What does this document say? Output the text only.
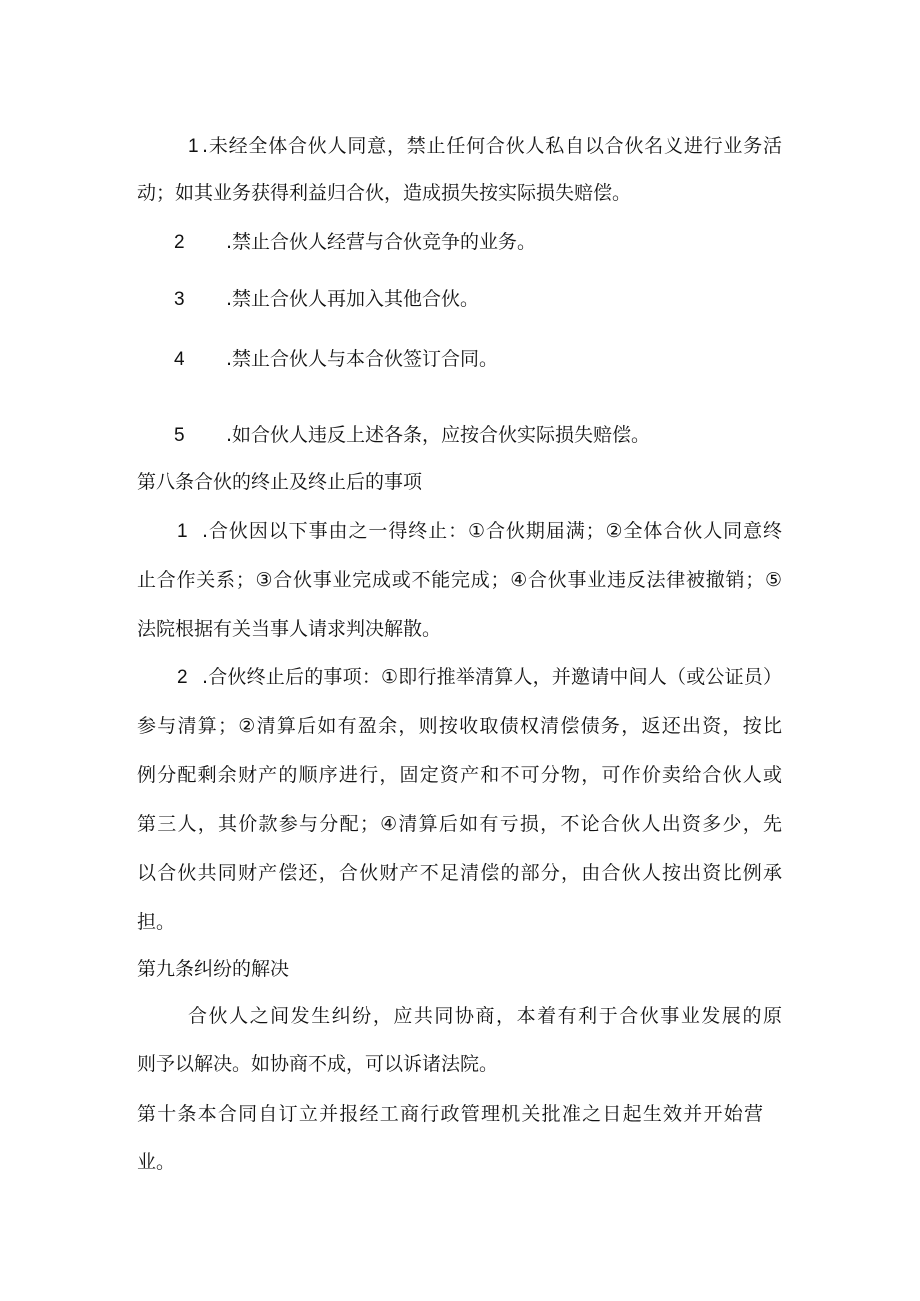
1 .未经全体合伙人同意，禁止任何合伙人私自以合伙名义进行业务活
动；如其业务获得利益归合伙，造成损失按实际损失赔偿。
2 .禁止合伙人经营与合伙竞争的业务。
3 .禁止合伙人再加入其他合伙。
4 .禁止合伙人与本合伙签订合同。
5 .如合伙人违反上述各条，应按合伙实际损失赔偿。
第八条合伙的终止及终止后的事项
1 .合伙因以下事由之一得终止：①合伙期届满；②全体合伙人同意终
止合作关系；③合伙事业完成或不能完成；④合伙事业违反法律被撤销；⑤
法院根据有关当事人请求判决解散。
2 .合伙终止后的事项：①即行推举清算人，并邀请中间人（或公证员）
参与清算；②清算后如有盈余，则按收取债权清偿债务，返还出资，按比
例分配剩余财产的顺序进行，固定资产和不可分物，可作价卖给合伙人或
第三人，其价款参与分配；④清算后如有亏损，不论合伙人出资多少，先
以合伙共同财产偿还，合伙财产不足清偿的部分，由合伙人按出资比例承
担。
第九条纠纷的解决
合伙人之间发生纠纷，应共同协商，本着有利于合伙事业发展的原
则予以解决。如协商不成，可以诉诸法院。
第十条本合同自订立并报经工商行政管理机关批准之日起生效并开始营
业。
